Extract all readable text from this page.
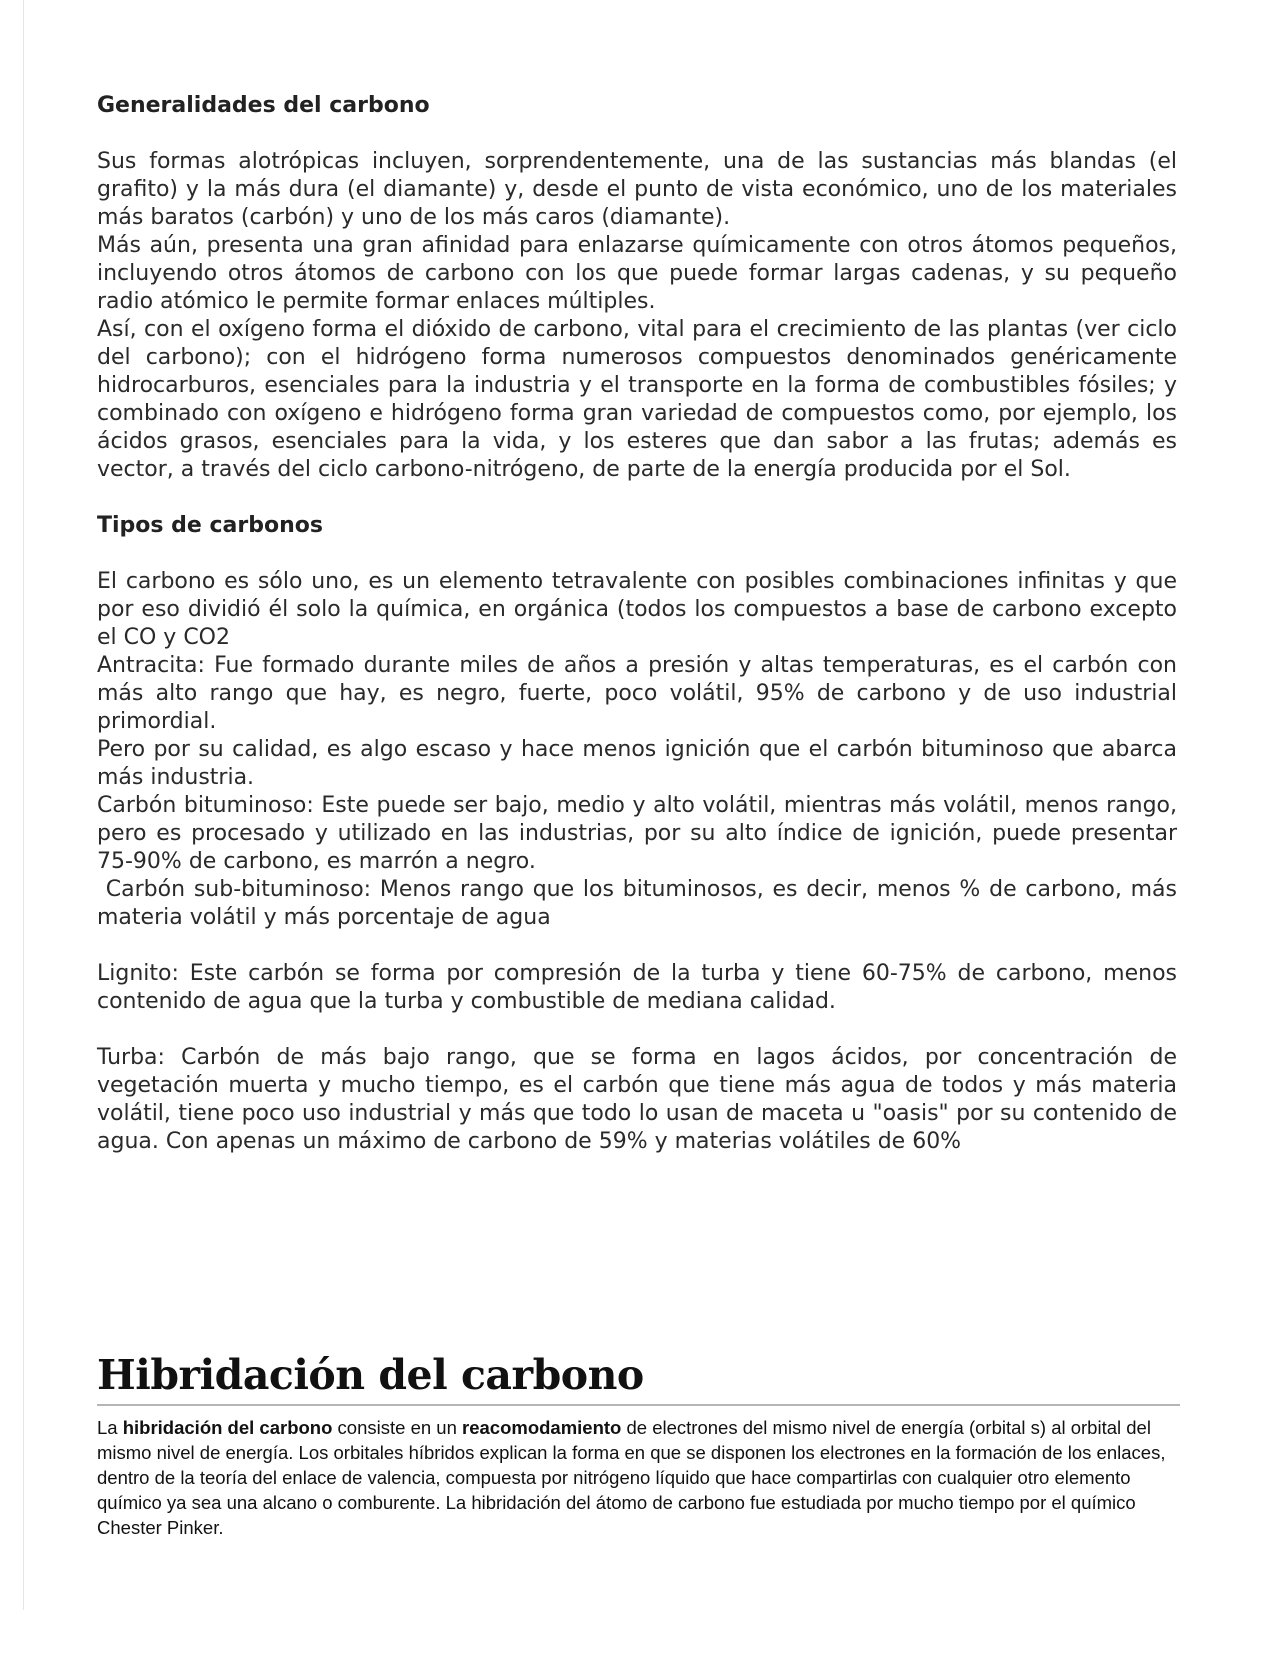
Generalidades del carbono

Sus formas alotrópicas incluyen, sorprendentemente, una de las sustancias más blandas (el grafito) y la más dura (el diamante) y, desde el punto de vista económico, uno de los materiales más baratos (carbón) y uno de los más caros (diamante).

Más aún, presenta una gran afinidad para enlazarse químicamente con otros átomos pequeños, incluyendo otros átomos de carbono con los que puede formar largas cadenas, y su pequeño radio atómico le permite formar enlaces múltiples.

Así, con el oxígeno forma el dióxido de carbono, vital para el crecimiento de las plantas (ver ciclo del carbono); con el hidrógeno forma numerosos compuestos denominados genéricamente hidrocarburos, esenciales para la industria y el transporte en la forma de combustibles fósiles; y combinado con oxígeno e hidrógeno forma gran variedad de compuestos como, por ejemplo, los ácidos grasos, esenciales para la vida, y los esteres que dan sabor a las frutas; además es vector, a través del ciclo carbono-nitrógeno, de parte de la energía producida por el Sol.

Tipos de carbonos

El carbono es sólo uno, es un elemento tetravalente con posibles combinaciones infinitas y que por eso dividió él solo la química, en orgánica (todos los compuestos a base de carbono excepto el CO y CO2

Antracita: Fue formado durante miles de años a presión y altas temperaturas, es el carbón con más alto rango que hay, es negro, fuerte, poco volátil, 95% de carbono y de uso industrial primordial.

Pero por su calidad, es algo escaso y hace menos ignición que el carbón bituminoso que abarca más industria.

Carbón bituminoso: Este puede ser bajo, medio y alto volátil, mientras más volátil, menos rango, pero es procesado y utilizado en las industrias, por su alto índice de ignición, puede presentar 75-90% de carbono, es marrón a negro.

Carbón sub-bituminoso: Menos rango que los bituminosos, es decir, menos % de carbono, más materia volátil y más porcentaje de agua

Lignito: Este carbón se forma por compresión de la turba y tiene 60-75% de carbono, menos contenido de agua que la turba y combustible de mediana calidad.

Turba: Carbón de más bajo rango, que se forma en lagos ácidos, por concentración de vegetación muerta y mucho tiempo, es el carbón que tiene más agua de todos y más materia volátil, tiene poco uso industrial y más que todo lo usan de maceta u "oasis" por su contenido de agua. Con apenas un máximo de carbono de 59% y materias volátiles de 60%

Hibridación del carbono

La hibridación del carbono consiste en un reacomodamiento de electrones del mismo nivel de energía (orbital s) al orbital del mismo nivel de energía. Los orbitales híbridos explican la forma en que se disponen los electrones en la formación de los enlaces, dentro de la teoría del enlace de valencia, compuesta por nitrógeno líquido que hace compartirlas con cualquier otro elemento químico ya sea una alcano o comburente. La hibridación del átomo de carbono fue estudiada por mucho tiempo por el químico Chester Pinker.
